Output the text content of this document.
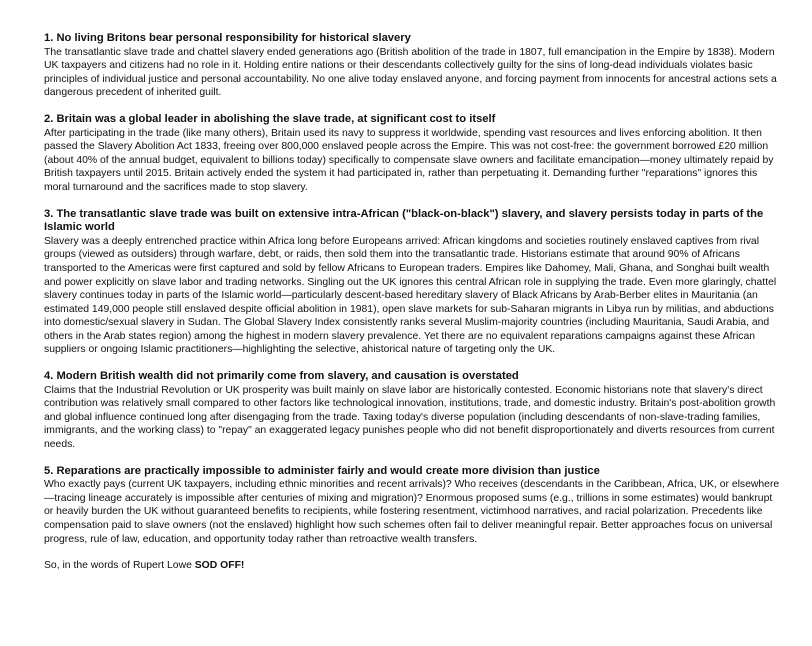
1. No living Britons bear personal responsibility for historical slavery

The transatlantic slave trade and chattel slavery ended generations ago (British abolition of the trade in 1807, full emancipation in the Empire by 1838). Modern UK taxpayers and citizens had no role in it. Holding entire nations or their descendants collectively guilty for the sins of long-dead individuals violates basic principles of individual justice and personal accountability. No one alive today enslaved anyone, and forcing payment from innocents for ancestral actions sets a dangerous precedent of inherited guilt.

2. Britain was a global leader in abolishing the slave trade, at significant cost to itself

After participating in the trade (like many others), Britain used its navy to suppress it worldwide, spending vast resources and lives enforcing abolition. It then passed the Slavery Abolition Act 1833, freeing over 800,000 enslaved people across the Empire. This was not cost-free: the government borrowed £20 million (about 40% of the annual budget, equivalent to billions today) specifically to compensate slave owners and facilitate emancipation—money ultimately repaid by British taxpayers until 2015. Britain actively ended the system it had participated in, rather than perpetuating it. Demanding further "reparations" ignores this moral turnaround and the sacrifices made to stop slavery.

3. The transatlantic slave trade was built on extensive intra-African ("black-on-black") slavery, and slavery persists today in parts of the Islamic world

Slavery was a deeply entrenched practice within Africa long before Europeans arrived: African kingdoms and societies routinely enslaved captives from rival groups (viewed as outsiders) through warfare, debt, or raids, then sold them into the transatlantic trade. Historians estimate that around 90% of Africans transported to the Americas were first captured and sold by fellow Africans to European traders. Empires like Dahomey, Mali, Ghana, and Songhai built wealth and power explicitly on slave labor and trading networks. Singling out the UK ignores this central African role in supplying the trade. Even more glaringly, chattel slavery continues today in parts of the Islamic world—particularly descent-based hereditary slavery of Black Africans by Arab-Berber elites in Mauritania (an estimated 149,000 people still enslaved despite official abolition in 1981), open slave markets for sub-Saharan migrants in Libya run by militias, and abductions into domestic/sexual slavery in Sudan. The Global Slavery Index consistently ranks several Muslim-majority countries (including Mauritania, Saudi Arabia, and others in the Arab states region) among the highest in modern slavery prevalence. Yet there are no equivalent reparations campaigns against these African suppliers or ongoing Islamic practitioners—highlighting the selective, ahistorical nature of targeting only the UK.

4. Modern British wealth did not primarily come from slavery, and causation is overstated

Claims that the Industrial Revolution or UK prosperity was built mainly on slave labor are historically contested. Economic historians note that slavery's direct contribution was relatively small compared to other factors like technological innovation, institutions, trade, and domestic industry. Britain's post-abolition growth and global influence continued long after disengaging from the trade. Taxing today's diverse population (including descendants of non-slave-trading families, immigrants, and the working class) to "repay" an exaggerated legacy punishes people who did not benefit disproportionately and diverts resources from current needs.

5. Reparations are practically impossible to administer fairly and would create more division than justice

Who exactly pays (current UK taxpayers, including ethnic minorities and recent arrivals)? Who receives (descendants in the Caribbean, Africa, UK, or elsewhere—tracing lineage accurately is impossible after centuries of mixing and migration)? Enormous proposed sums (e.g., trillions in some estimates) would bankrupt or heavily burden the UK without guaranteed benefits to recipients, while fostering resentment, victimhood narratives, and racial polarization. Precedents like compensation paid to slave owners (not the enslaved) highlight how such schemes often fail to deliver meaningful repair. Better approaches focus on universal progress, rule of law, education, and opportunity today rather than retroactive wealth transfers.

So, in the words of Rupert Lowe SOD OFF!
